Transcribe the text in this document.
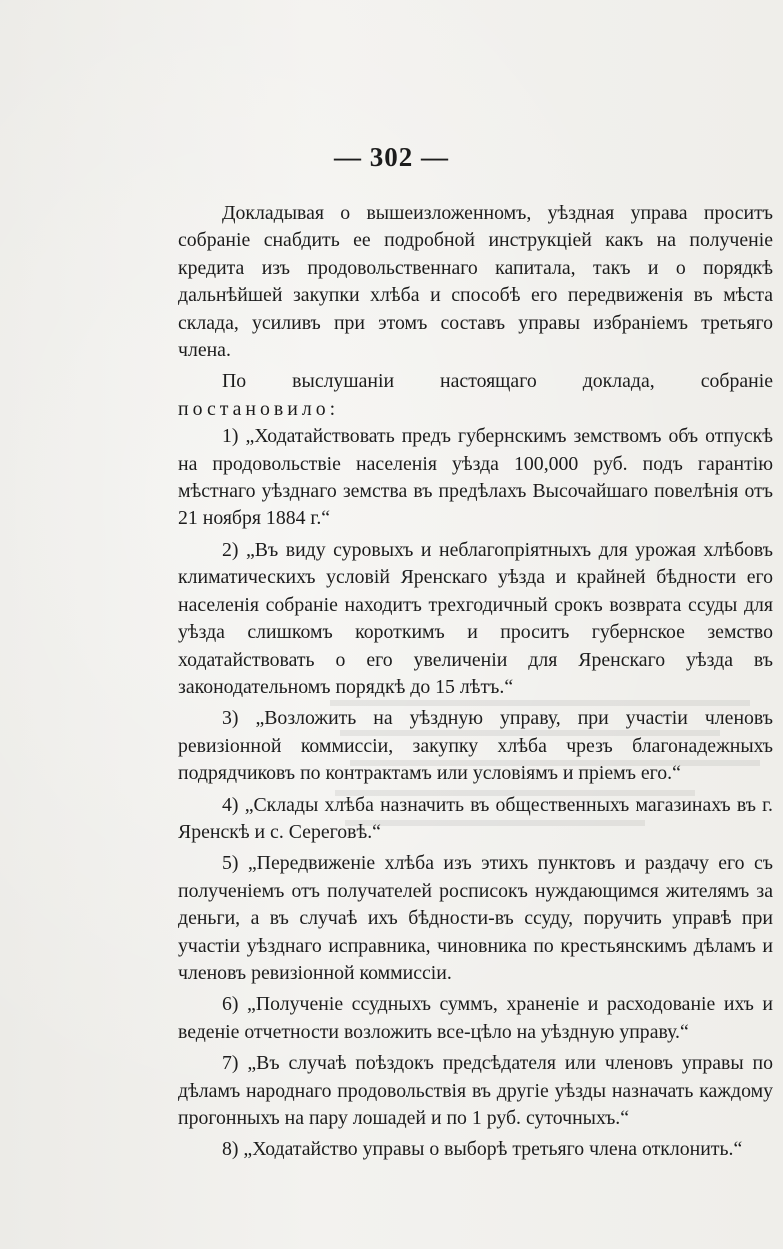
— 302 —

Докладывая о вышеизложенномъ, уѣздная управа проситъ собраніе снабдить ее подробной инструкціей какъ на полученіе кредита изъ продовольственнаго капитала, такъ и о порядкѣ дальнѣйшей закупки хлѣба и способѣ его передвиженія въ мѣста склада, усиливъ при этомъ составъ управы избраніемъ третьяго члена.

По выслушаніи настоящаго доклада, собраніе постановило:

1) „Ходатайствовать предъ губернскимъ земствомъ объ отпускѣ на продовольствіе населенія уѣзда 100,000 руб. подъ гарантію мѣстнаго уѣзднаго земства въ предѣлахъ Высочайшаго повелѣнія отъ 21 ноября 1884 г.“

2) „Въ виду суровыхъ и неблагопріятныхъ для урожая хлѣбовъ климатическихъ условій Яренскаго уѣзда и крайней бѣдности его населенія собраніе находитъ трехгодичный срокъ возврата ссуды для уѣзда слишкомъ короткимъ и проситъ губернское земство ходатайствовать о его увеличеніи для Яренскаго уѣзда въ законодательномъ порядкѣ до 15 лѣтъ.“

3) „Возложить на уѣздную управу, при участіи членовъ ревизіонной коммиссіи, закупку хлѣба чрезъ благонадежныхъ подрядчиковъ по контрактамъ или условіямъ и пріемъ его.“

4) „Склады хлѣба назначить въ общественныхъ магазинахъ въ г. Яренскѣ и с. Сереговѣ.“

5) „Передвиженіе хлѣба изъ этихъ пунктовъ и раздачу его съ полученіемъ отъ получателей росписокъ нуждающимся жителямъ за деньги, а въ случаѣ ихъ бѣдности-въ ссуду, поручить управѣ при участіи уѣзднаго исправника, чиновника по крестьянскимъ дѣламъ и членовъ ревизіонной коммиссіи.

6) „Полученіе ссудныхъ суммъ, храненіе и расходованіе ихъ и веденіе отчетности возложить все-цѣло на уѣздную управу.“

7) „Въ случаѣ поѣздокъ предсѣдателя или членовъ управы по дѣламъ народнаго продовольствія въ другіе уѣзды назначать каждому прогонныхъ на пару лошадей и по 1 руб. суточныхъ.“

8) „Ходатайство управы о выборѣ третьяго члена отклонить.“
